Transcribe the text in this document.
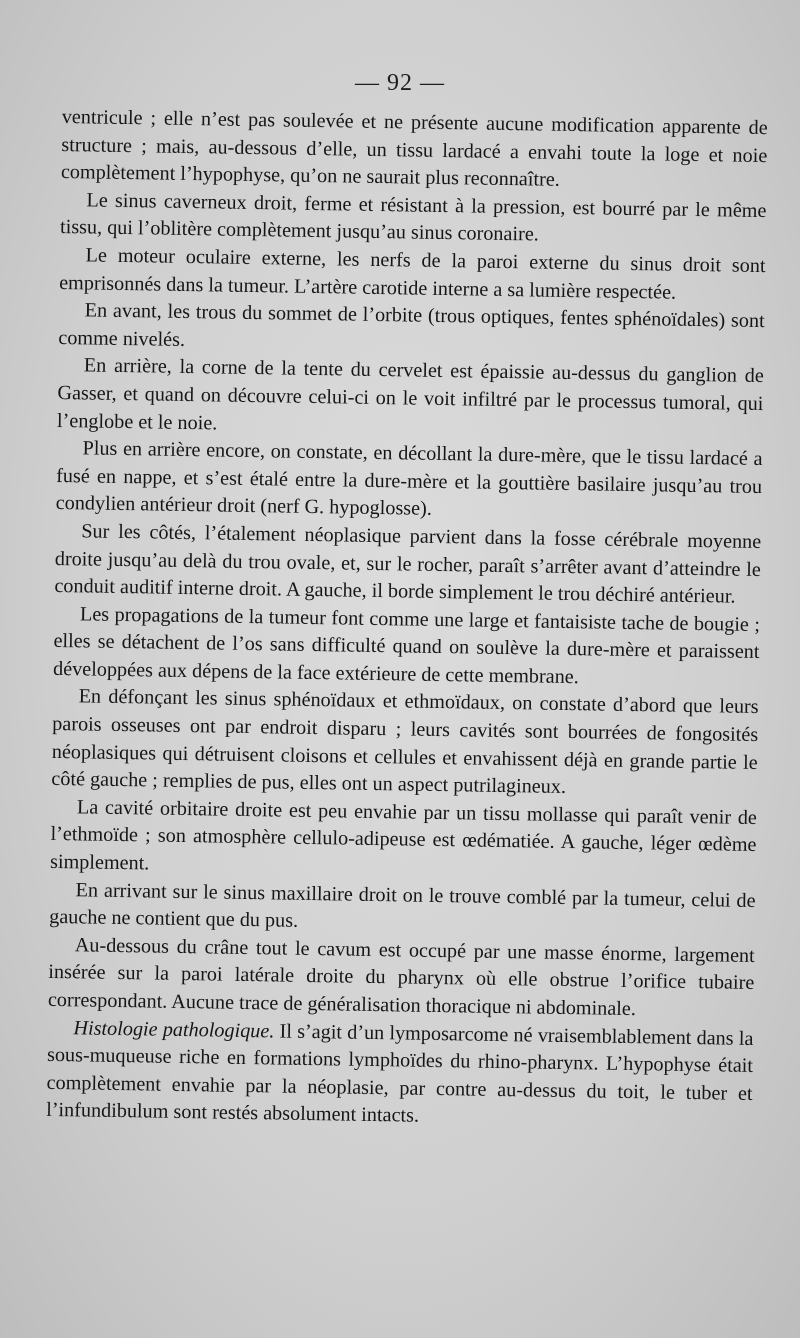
— 92 —

ventricule ; elle n’est pas soulevée et ne présente aucune modification apparente de structure ; mais, au-dessous d’elle, un tissu lardacé a envahi toute la loge et noie complètement l’hypophyse, qu’on ne saurait plus reconnaître.

Le sinus caverneux droit, ferme et résistant à la pression, est bourré par le même tissu, qui l’oblitère complètement jusqu’au sinus coronaire.

Le moteur oculaire externe, les nerfs de la paroi externe du sinus droit sont emprisonnés dans la tumeur. L’artère carotide interne a sa lumière respectée.

En avant, les trous du sommet de l’orbite (trous optiques, fentes sphénoïdales) sont comme nivelés.

En arrière, la corne de la tente du cervelet est épaissie au-dessus du ganglion de Gasser, et quand on découvre celui-ci on le voit infiltré par le processus tumoral, qui l’englobe et le noie.

Plus en arrière encore, on constate, en décollant la dure-mère, que le tissu lardacé a fusé en nappe, et s’est étalé entre la dure-mère et la gouttière basilaire jusqu’au trou condylien antérieur droit (nerf G. hypoglosse).

Sur les côtés, l’étalement néoplasique parvient dans la fosse cérébrale moyenne droite jusqu’au delà du trou ovale, et, sur le rocher, paraît s’arrêter avant d’atteindre le conduit auditif interne droit. A gauche, il borde simplement le trou déchiré antérieur.

Les propagations de la tumeur font comme une large et fantaisiste tache de bougie ; elles se détachent de l’os sans difficulté quand on soulève la dure-mère et paraissent développées aux dépens de la face extérieure de cette membrane.

En défonçant les sinus sphénoïdaux et ethmoïdaux, on constate d’abord que leurs parois osseuses ont par endroit disparu ; leurs cavités sont bourrées de fongosités néoplasiques qui détruisent cloisons et cellules et envahissent déjà en grande partie le côté gauche ; remplies de pus, elles ont un aspect putrilagineux.

La cavité orbitaire droite est peu envahie par un tissu mollasse qui paraît venir de l’ethmoïde ; son atmosphère cellulo-adipeuse est œdématiée. A gauche, léger œdème simplement.

En arrivant sur le sinus maxillaire droit on le trouve comblé par la tumeur, celui de gauche ne contient que du pus.

Au-dessous du crâne tout le cavum est occupé par une masse énorme, largement insérée sur la paroi latérale droite du pharynx où elle obstrue l’orifice tubaire correspondant. Aucune trace de généralisation thoracique ni abdominale.

Histologie pathologique. Il s’agit d’un lymposarcome né vraisemblablement dans la sous-muqueuse riche en formations lymphoïdes du rhino-pharynx. L’hypophyse était complètement envahie par la néoplasie, par contre au-dessus du toit, le tuber et l’infundibulum sont restés absolument intacts.
